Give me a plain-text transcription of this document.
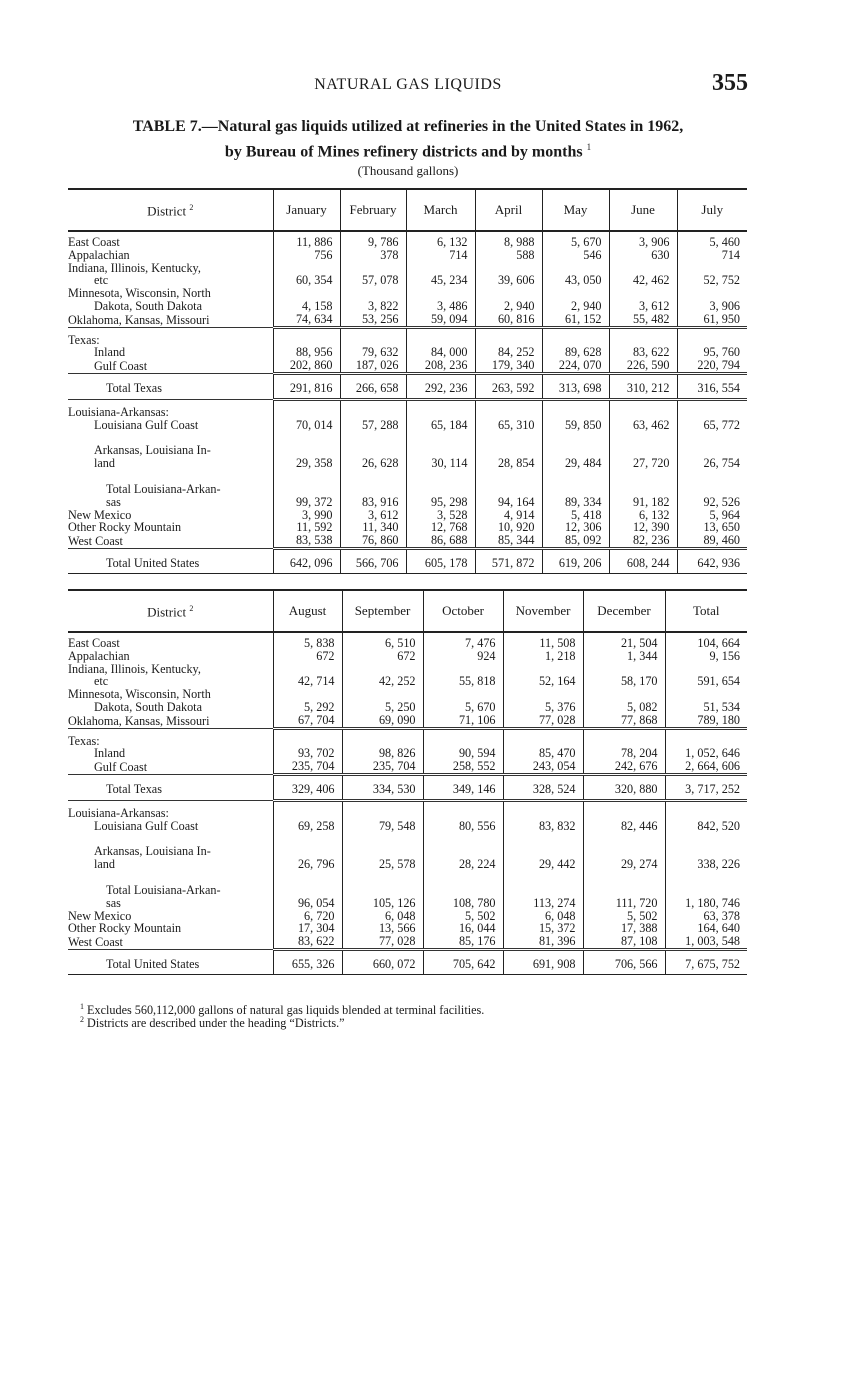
NATURAL GAS LIQUIDS	355
TABLE 7.—Natural gas liquids utilized at refineries in the United States in 1962,
by Bureau of Mines refinery districts and by months $^1$
(Thousand gallons)
District $^2$	January	February	March	April	May	June	July

East Coast	11, 886	9, 786	6, 132	8, 988	5, 670	3, 906	5, 460

Appalachian	756	378	714	588	546	630	714

Indiana, Illinois, Kentucky,
etc	60, 354	57, 078	45, 234	39, 606	43, 050	42, 462	52, 752

Minnesota, Wisconsin, North
Dakota, South Dakota	4, 158	3, 822	3, 486	2, 940	2, 940	3, 612	3, 906

Oklahoma, Kansas, Missouri	74, 634	53, 256	59, 094	60, 816	61, 152	55, 482	61, 950

Texas:							

Inland	88, 956	79, 632	84, 000	84, 252	89, 628	83, 622	95, 760

Gulf Coast	202, 860	187, 026	208, 236	179, 340	224, 070	226, 590	220, 794

Total Texas	291, 816	266, 658	292, 236	263, 592	313, 698	310, 212	316, 554

Louisiana-Arkansas:							

Louisiana Gulf Coast	70, 014	57, 288	65, 184	65, 310	59, 850	63, 462	65, 772

Arkansas, Louisiana In-
land	29, 358	26, 628	30, 114	28, 854	29, 484	27, 720	26, 754

Total Louisiana-Arkan-
sas	99, 372	83, 916	95, 298	94, 164	89, 334	91, 182	92, 526

New Mexico	3, 990	3, 612	3, 528	4, 914	5, 418	6, 132	5, 964

Other Rocky Mountain	11, 592	11, 340	12, 768	10, 920	12, 306	12, 390	13, 650

West Coast	83, 538	76, 860	86, 688	85, 344	85, 092	82, 236	89, 460

Total United States	642, 096	566, 706	605, 178	571, 872	619, 206	608, 244	642, 936
District $^2$	August	September	October	November	December	Total

East Coast	5, 838	6, 510	7, 476	11, 508	21, 504	104, 664

Appalachian	672	672	924	1, 218	1, 344	9, 156

Indiana, Illinois, Kentucky,
etc	42, 714	42, 252	55, 818	52, 164	58, 170	591, 654

Minnesota, Wisconsin, North
Dakota, South Dakota	5, 292	5, 250	5, 670	5, 376	5, 082	51, 534

Oklahoma, Kansas, Missouri	67, 704	69, 090	71, 106	77, 028	77, 868	789, 180

Texas:						

Inland	93, 702	98, 826	90, 594	85, 470	78, 204	1, 052, 646

Gulf Coast	235, 704	235, 704	258, 552	243, 054	242, 676	2, 664, 606

Total Texas	329, 406	334, 530	349, 146	328, 524	320, 880	3, 717, 252

Louisiana-Arkansas:						

Louisiana Gulf Coast	69, 258	79, 548	80, 556	83, 832	82, 446	842, 520

Arkansas, Louisiana In-
land	26, 796	25, 578	28, 224	29, 442	29, 274	338, 226

Total Louisiana-Arkan-
sas	96, 054	105, 126	108, 780	113, 274	111, 720	1, 180, 746

New Mexico	6, 720	6, 048	5, 502	6, 048	5, 502	63, 378

Other Rocky Mountain	17, 304	13, 566	16, 044	15, 372	17, 388	164, 640

West Coast	83, 622	77, 028	85, 176	81, 396	87, 108	1, 003, 548

Total United States	655, 326	660, 072	705, 642	691, 908	706, 566	7, 675, 752
$^1$ Excludes 560,112,000 gallons of natural gas liquids blended at terminal facilities.
$^2$ Districts are described under the heading “Districts.”
